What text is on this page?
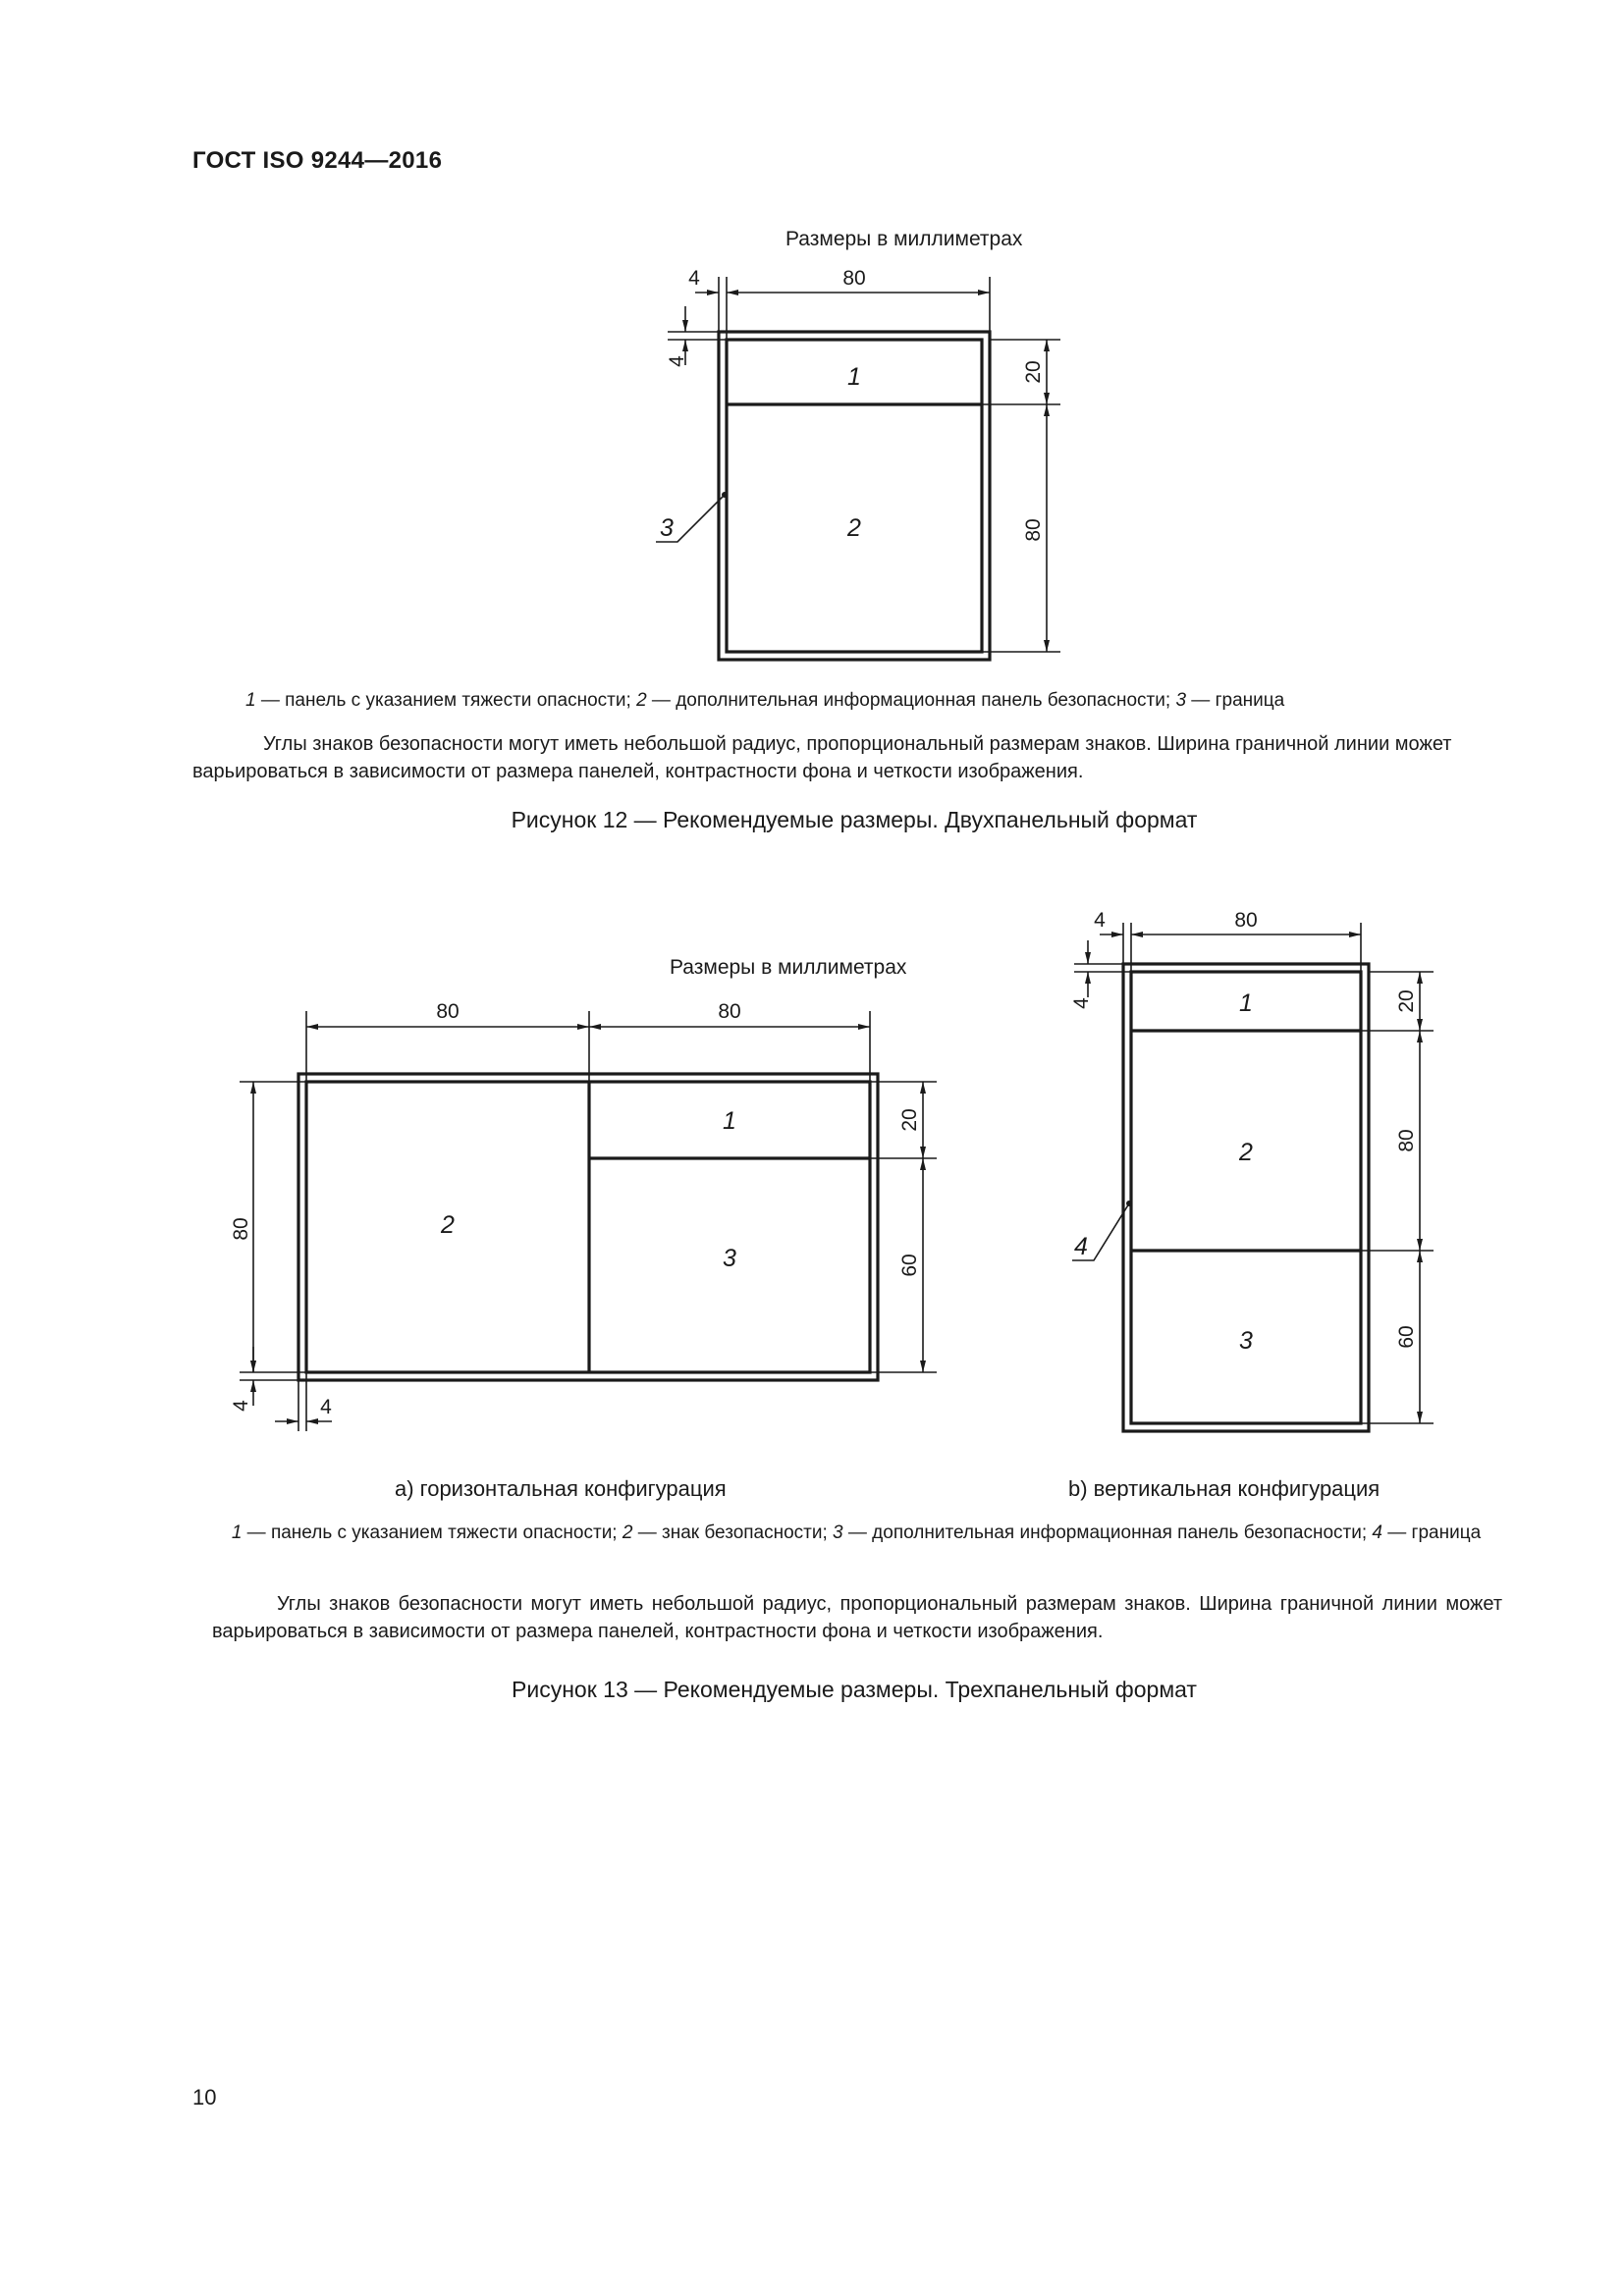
ГОСТ ISO 9244—2016
Размеры в миллиметрах
80
4
4	20
80
1
2
3
1 — панель с указанием тяжести опасности; 2 — дополнительная информационная панель безопасности; 3 — граница
Углы знаков безопасности могут иметь небольшой радиус, пропорциональный размерам знаков. Ширина граничной линии может варьироваться в зависимости от размера панелей, контрастности фона и четкости изображения.
Рисунок 12 — Рекомендуемые размеры. Двухпанельный формат
Размеры в миллиметрах
80	80
80
4	4
20
60
1
2
3
80
4
4	20
80
60
1
2
3
4
а) горизонтальная конфигурация	b) вертикальная конфигурация
1 — панель с указанием тяжести опасности; 2 — знак безопасности; 3 — дополнительная информационная панель безопасности; 4 — граница
Углы знаков безопасности могут иметь небольшой радиус, пропорциональный размерам знаков. Ширина граничной линии может варьироваться в зависимости от размера панелей, контрастности фона и четкости изображения.
Рисунок 13 — Рекомендуемые размеры. Трехпанельный формат
10
